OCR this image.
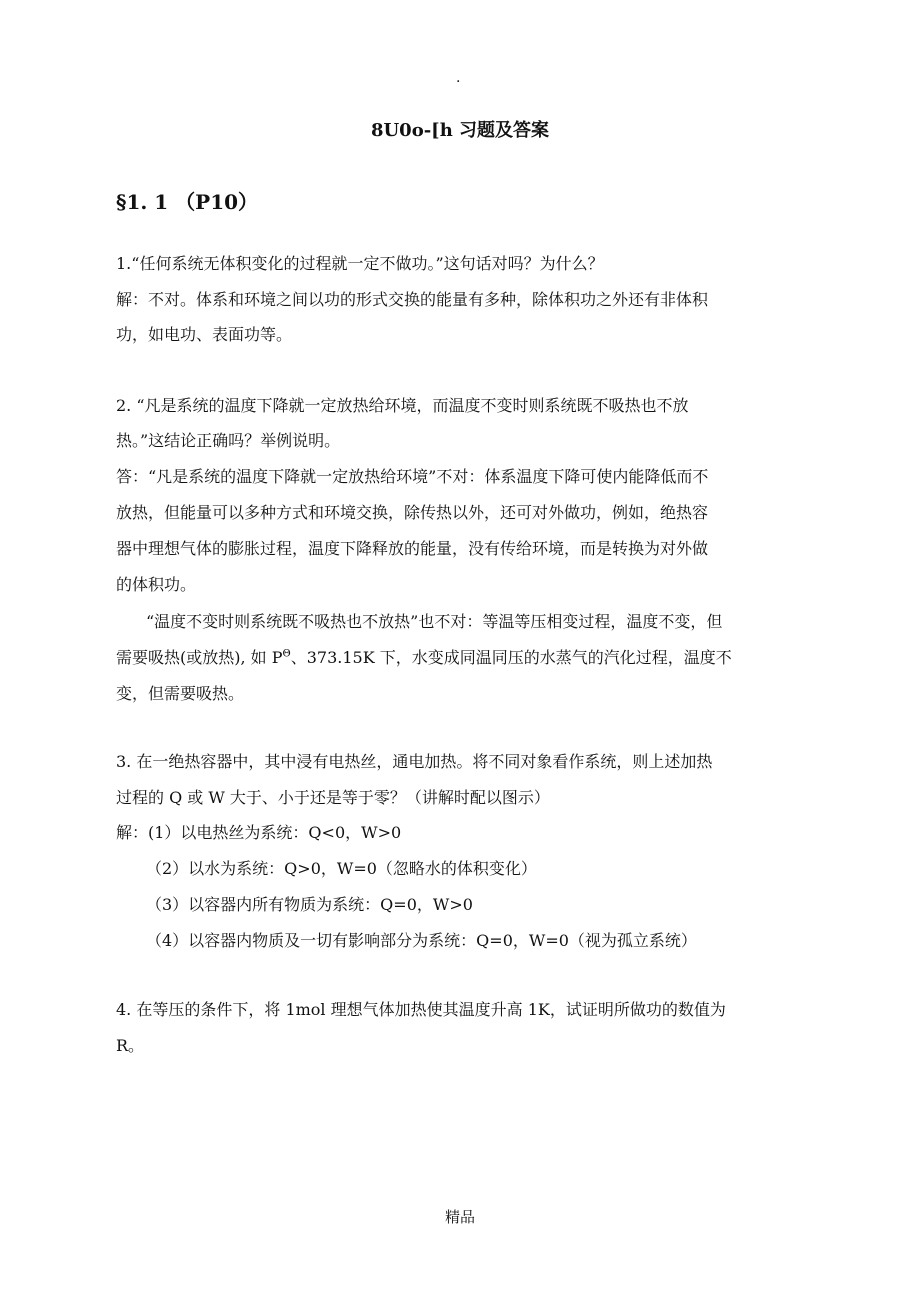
.
8U0o-[h 习题及答案
§1. 1 （P10）

1.“任何系统无体积变化的过程就一定不做功。”这句话对吗？为什么？

解：不对。体系和环境之间以功的形式交换的能量有多种，除体积功之外还有非体积

功，如电功、表面功等。

2. “凡是系统的温度下降就一定放热给环境，而温度不变时则系统既不吸热也不放

热。”这结论正确吗？举例说明。

答：“凡是系统的温度下降就一定放热给环境”不对：体系温度下降可使内能降低而不

放热，但能量可以多种方式和环境交换，除传热以外，还可对外做功，例如，绝热容

器中理想气体的膨胀过程，温度下降释放的能量，没有传给环境，而是转换为对外做

的体积功。

“温度不变时则系统既不吸热也不放热”也不对：等温等压相变过程，温度不变，但

需要吸热(或放热), 如 $P^\Theta$、373.15K 下，水变成同温同压的水蒸气的汽化过程，温度不

变，但需要吸热。

3. 在一绝热容器中，其中浸有电热丝，通电加热。将不同对象看作系统，则上述加热

过程的 Q 或 W 大于、小于还是等于零？（讲解时配以图示）

解：(1）以电热丝为系统：Q<0，W>0

（2）以水为系统：Q>0，W=0（忽略水的体积变化）

（3）以容器内所有物质为系统：Q=0，W>0

（4）以容器内物质及一切有影响部分为系统：Q=0，W=0（视为孤立系统）

4. 在等压的条件下，将 1mol 理想气体加热使其温度升高 1K，试证明所做功的数值为

R。

精品
